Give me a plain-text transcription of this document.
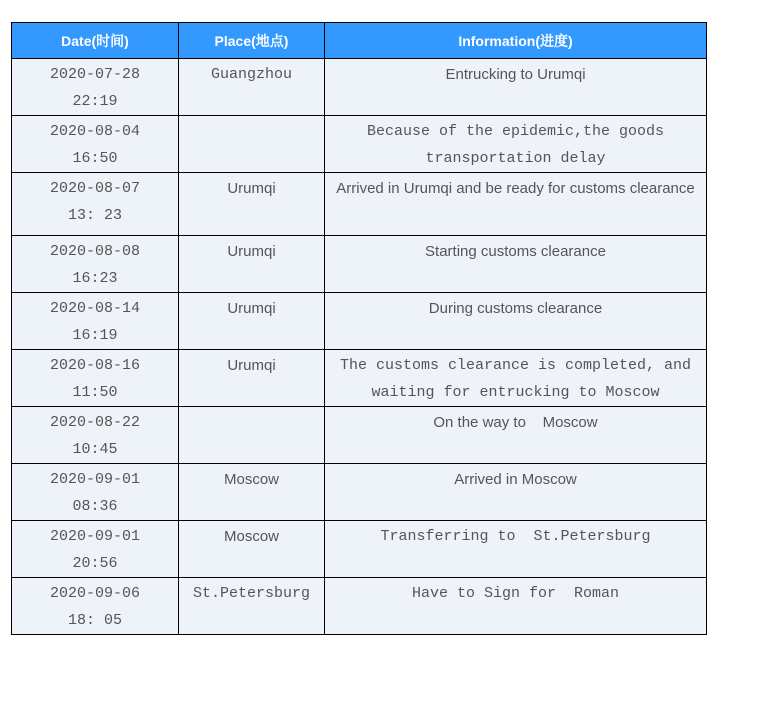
Date(时间)	Place(地点)	Information(进度)

2020-07-28
22:19	Guangzhou	Entrucking to Urumqi

2020-08-04
16:50		Because of the epidemic,the goods transportation delay

2020-08-07
13: 23	Urumqi	Arrived in Urumqi and be ready for customs clearance

2020-08-08
16:23	Urumqi	Starting customs clearance

2020-08-14
16:19	Urumqi	During customs clearance

2020-08-16
11:50	Urumqi	The customs clearance is completed, and waiting for entrucking to Moscow

2020-08-22
10:45		On the way to    Moscow

2020-09-01
08:36	Moscow	Arrived in Moscow

2020-09-01
20:56	Moscow	Transferring to  St.Petersburg

2020-09-06
18: 05	St.Petersburg	Have to Sign for  Roman
